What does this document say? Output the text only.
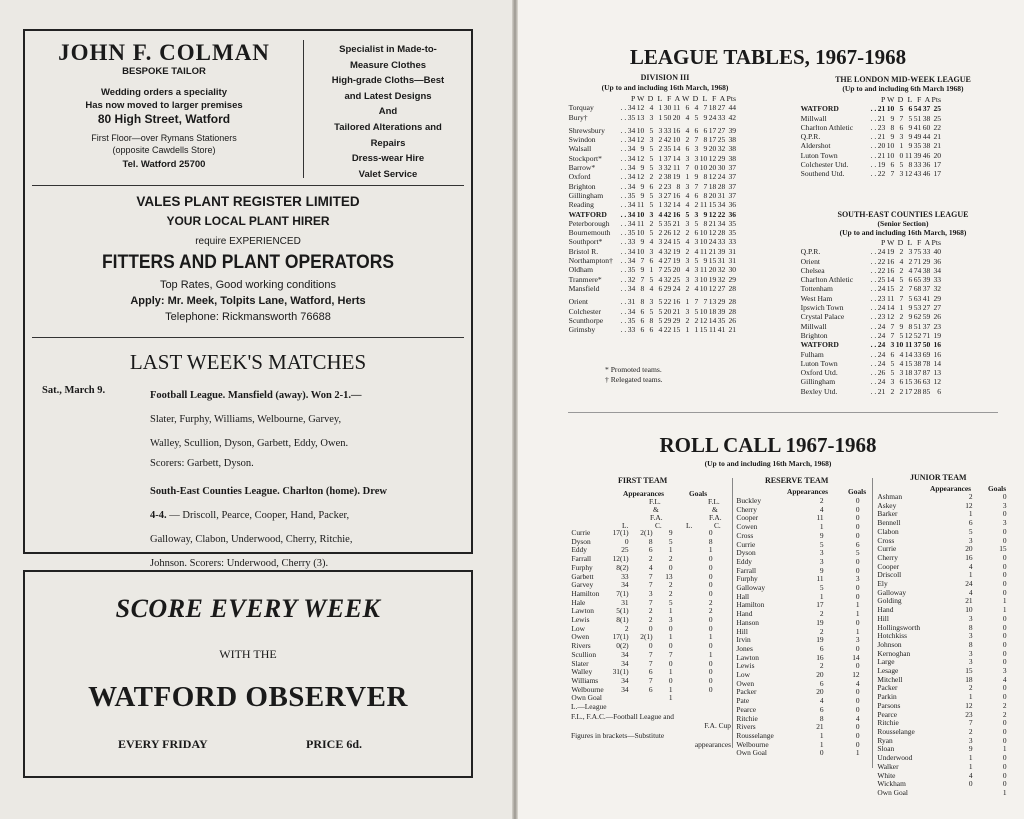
JOHN F. COLMAN
BESPOKE TAILOR
Wedding orders a speciality
Has now moved to larger premises
80 High Street, Watford
First Floor—over Rymans Stationers
(opposite Cawdells Store)
Tel. Watford 25700
Specialist in Made-to-
Measure Clothes
High-grade Cloths—Best
and Latest Designs
And
Tailored Alterations and
Repairs
Dress-wear Hire
Valet Service
VALES PLANT REGISTER LIMITED
YOUR LOCAL PLANT HIRER
require EXPERIENCED
FITTERS AND PLANT OPERATORS
Top Rates, Good working conditions
Apply: Mr. Meek, Tolpits Lane, Watford, Herts
Telephone: Rickmansworth 76688
LAST WEEK'S MATCHES
Sat., March 9.	Football League. Mansfield (away). Won 2-1.—
Slater, Furphy, Williams, Welbourne, Garvey,
Walley, Scullion, Dyson, Garbett, Eddy, Owen.
Scorers: Garbett, Dyson.
South-East Counties League. Charlton (home). Drew
4-4. — Driscoll, Pearce, Cooper, Hand, Packer,
Galloway, Clabon, Underwood, Cherry, Ritchie,
Johnson. Scorers: Underwood, Cherry (3).
SCORE EVERY WEEK
WITH THE
WATFORD OBSERVER
EVERY FRIDAY	PRICE 6d.
LEAGUE TABLES, 1967-1968
DIVISION III
(Up to and including 16th March, 1968)
		P	W	D	L	F	A	W	D	L	F	A	Pts
Torquay	. .	34	12	4	1	30	11	6	4	7	18	27	44
Bury†	. .	35	13	3	1	50	20	4	5	9	24	33	42
Shrewsbury	. .	34	10	5	3	33	16	4	6	6	17	27	39
Swindon	. .	34	12	3	2	42	10	2	7	8	17	25	38
Walsall	. .	34	9	5	2	35	14	6	3	9	20	32	38
Stockport*	. .	34	12	5	1	37	14	3	3	10	12	29	38
Barrow*	. .	34	9	5	3	32	11	7	0	10	20	30	37
Oxford	. .	34	12	2	2	38	19	1	9	8	12	24	37
Brighton	. .	34	9	6	2	23	8	3	7	7	18	28	37
Gillingham	. .	35	9	5	3	27	16	4	6	8	20	31	37
Reading	. .	34	11	5	1	32	14	4	2	11	15	34	36
WATFORD	. .	34	10	3	4	42	16	5	3	9	12	22	36
Peterborough	. .	34	11	2	5	35	21	3	5	8	21	34	35
Bournemouth	. .	35	10	5	2	26	12	2	6	10	12	28	35
Southport*	. .	33	9	4	3	24	15	4	3	10	24	33	33
Bristol R.	. .	34	10	3	4	32	19	2	4	11	21	39	31
Northampton†	. .	34	7	6	4	27	19	3	5	9	15	31	31
Oldham	. .	35	9	1	7	25	20	4	3	11	20	32	30
Tranmere*	. .	32	7	5	4	32	25	3	3	10	19	32	29
Mansfield	. .	34	8	4	6	29	24	2	4	10	12	27	28
Orient	. .	31	8	3	5	22	16	1	7	7	13	29	28
Colchester	. .	34	6	5	5	20	21	3	5	10	18	39	28
Scunthorpe	. .	35	6	8	5	29	29	2	2	12	14	35	26
Grimsby	. .	33	6	6	4	22	15	1	1	15	11	41	21
* Promoted teams.
† Relegated teams.
THE LONDON MID-WEEK LEAGUE
(Up to and including 6th March 1968)
		P	W	D	L	F	A	Pts
WATFORD	. .	21	10	5	6	54	37	25
Millwall	. .	21	9	7	5	51	38	25
Charlton Athletic	. .	23	8	6	9	41	60	22
Q.P.R.	. .	21	9	3	9	49	44	21
Aldershot	. .	20	10	1	9	35	38	21
Luton Town	. .	21	10	0	11	39	46	20
Colchester Utd.	. .	19	6	5	8	33	36	17
Southend Utd.	. .	22	7	3	12	43	46	17
SOUTH-EAST COUNTIES LEAGUE
(Senior Section)
(Up to and including 16th March, 1968)
		P	W	D	L	F	A	Pts
Q.P.R.	. .	24	19	2	3	75	33	40
Orient	. .	22	16	4	2	71	29	36
Chelsea	. .	22	16	2	4	74	38	34
Charlton Athletic	. .	25	14	5	6	65	39	33
Tottenham	. .	24	15	2	7	68	37	32
West Ham	. .	23	11	7	5	63	41	29
Ipswich Town	. .	24	14	1	9	53	27	27
Crystal Palace	. .	23	12	2	9	62	59	26
Millwall	. .	24	7	9	8	51	37	23
Brighton	. .	24	7	5	12	52	71	19
WATFORD	. .	24	3	10	11	37	50	16
Fulham	. .	24	6	4	14	33	69	16
Luton Town	. .	24	5	4	15	38	78	14
Oxford Utd.	. .	26	5	3	18	37	87	13
Gillingham	. .	24	3	6	15	36	63	12
Bexley Utd.	. .	21	2	2	17	28	85	6
ROLL CALL 1967-1968
(Up to and including 16th March, 1968)
FIRST TEAM
Appearances	Goals
F.L.
&
F.A.
F.L.
&
F.A.
L.	C.	L.	C.
Currie	17(1)	2(1)	9	0
Dyson	0	8	5	8
Eddy	25	6	1	1
Farrall	12(1)	2	2	0
Furphy	8(2)	4	0	0
Garbett	33	7	13	0
Garvey	34	7	2	0
Hamilton	7(1)	3	2	0
Hale	31	7	5	2
Lawton	5(1)	2	1	2
Lewis	8(1)	2	3	0
Low	2	0	0	0
Owen	17(1)	2(1)	1	1
Rivers	0(2)	0	0	0
Scullion	34	7	7	1
Slater	34	7	0	0
Walley	31(1)	6	1	0
Williams	34	7	0	0
Welbourne	34	6	1	0
Own Goal			1	
L.—League
F.L., F.A.C.—Football League and
F.A. Cup
Figures in brackets—Substitute
appearances
RESERVE TEAM
Appearances	Goals
Buckley	2	0
Cherry	4	0
Cooper	11	0
Cowen	1	0
Cross	9	0
Currie	5	6
Dyson	3	5
Eddy	3	0
Farrall	9	0
Furphy	11	3
Galloway	5	0
Hall	1	0
Hamilton	17	1
Hand	2	1
Hanson	19	0
Hill	2	1
Irvin	19	3
Jones	6	0
Lawton	16	14
Lewis	2	0
Low	20	12
Owen	6	4
Packer	20	0
Pate	4	0
Pearce	6	0
Ritchie	8	4
Rivers	21	0
Rousselange	1	0
Welbourne	1	0
Own Goal	0	1
JUNIOR TEAM
Appearances Goals
Ashman	2	0
Askey	12	3
Barker	1	0
Bennell	6	3
Clabon	5	0
Cross	3	0
Currie	20	15
Cherry	16	0
Cooper	4	0
Driscoll	1	0
Ely	24	0
Galloway	4	0
Golding	21	1
Hand	10	1
Hill	3	0
Hollingsworth	8	0
Hotchkiss	3	0
Johnson	8	0
Kernoghan	3	0
Large	3	0
Lesage	15	3
Mitchell	18	4
Packer	2	0
Parkin	1	0
Parsons	12	2
Pearce	23	2
Ritchie	7	0
Rousselange	2	0
Ryan	3	0
Sloan	9	1
Underwood	1	0
Walker	1	0
White	4	0
Wickham	0	0
Own Goal		1
